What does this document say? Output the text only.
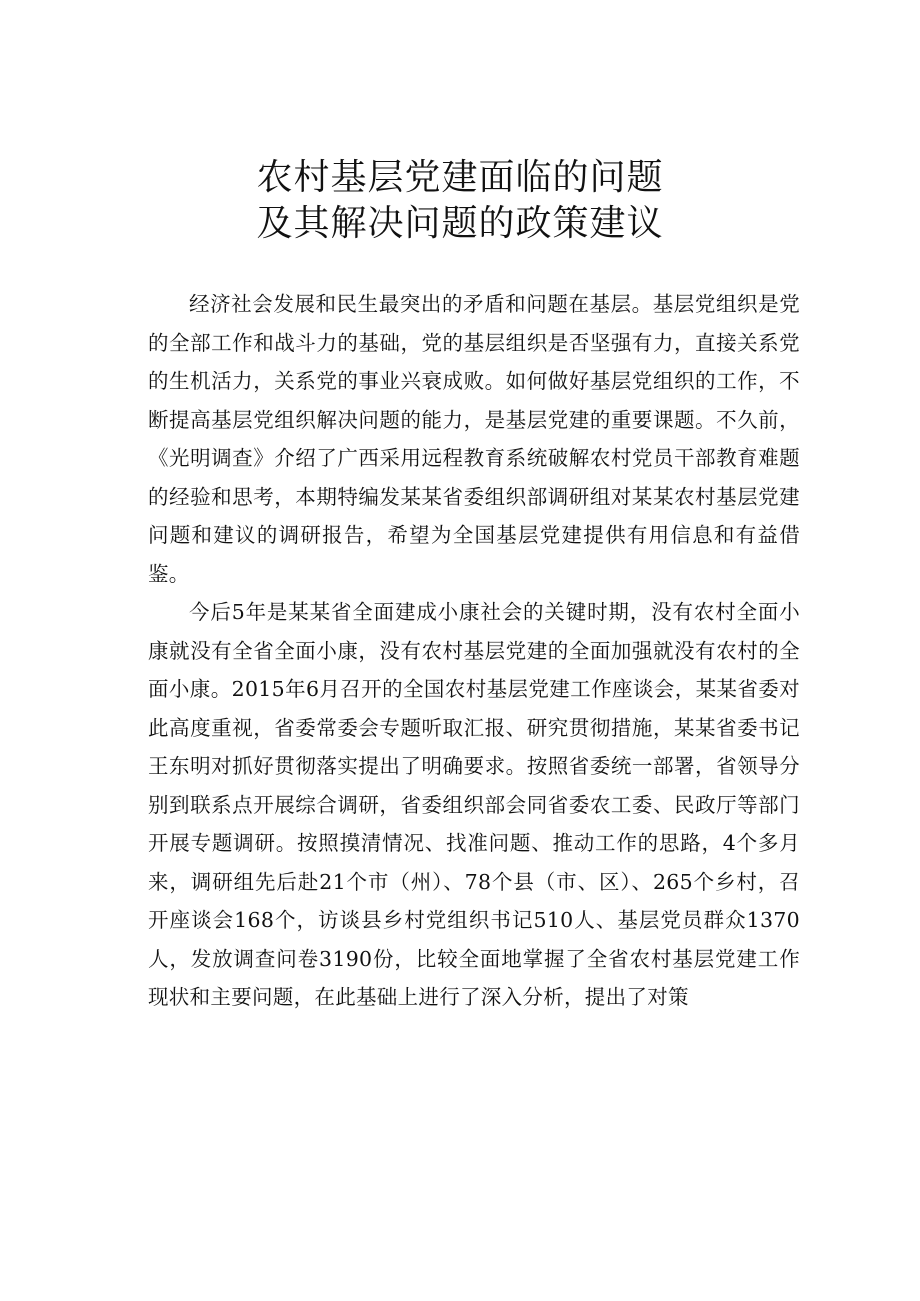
农村基层党建面临的问题
及其解决问题的政策建议

经济社会发展和民生最突出的矛盾和问题在基层。基层党组织是党的全部工作和战斗力的基础，党的基层组织是否坚强有力，直接关系党的生机活力，关系党的事业兴衰成败。如何做好基层党组织的工作，不断提高基层党组织解决问题的能力，是基层党建的重要课题。不久前，《光明调查》介绍了广西采用远程教育系统破解农村党员干部教育难题的经验和思考，本期特编发某某省委组织部调研组对某某农村基层党建问题和建议的调研报告，希望为全国基层党建提供有用信息和有益借鉴。

今后5年是某某省全面建成小康社会的关键时期，没有农村全面小康就没有全省全面小康，没有农村基层党建的全面加强就没有农村的全面小康。2015年6月召开的全国农村基层党建工作座谈会，某某省委对此高度重视，省委常委会专题听取汇报、研究贯彻措施，某某省委书记王东明对抓好贯彻落实提出了明确要求。按照省委统一部署，省领导分别到联系点开展综合调研，省委组织部会同省委农工委、民政厅等部门开展专题调研。按照摸清情况、找准问题、推动工作的思路，4个多月来，调研组先后赴21个市（州）、78个县（市、区）、265个乡村，召开座谈会168个，访谈县乡村党组织书记510人、基层党员群众1370人，发放调查问卷3190份，比较全面地掌握了全省农村基层党建工作现状和主要问题，在此基础上进行了深入分析，提出了对策
